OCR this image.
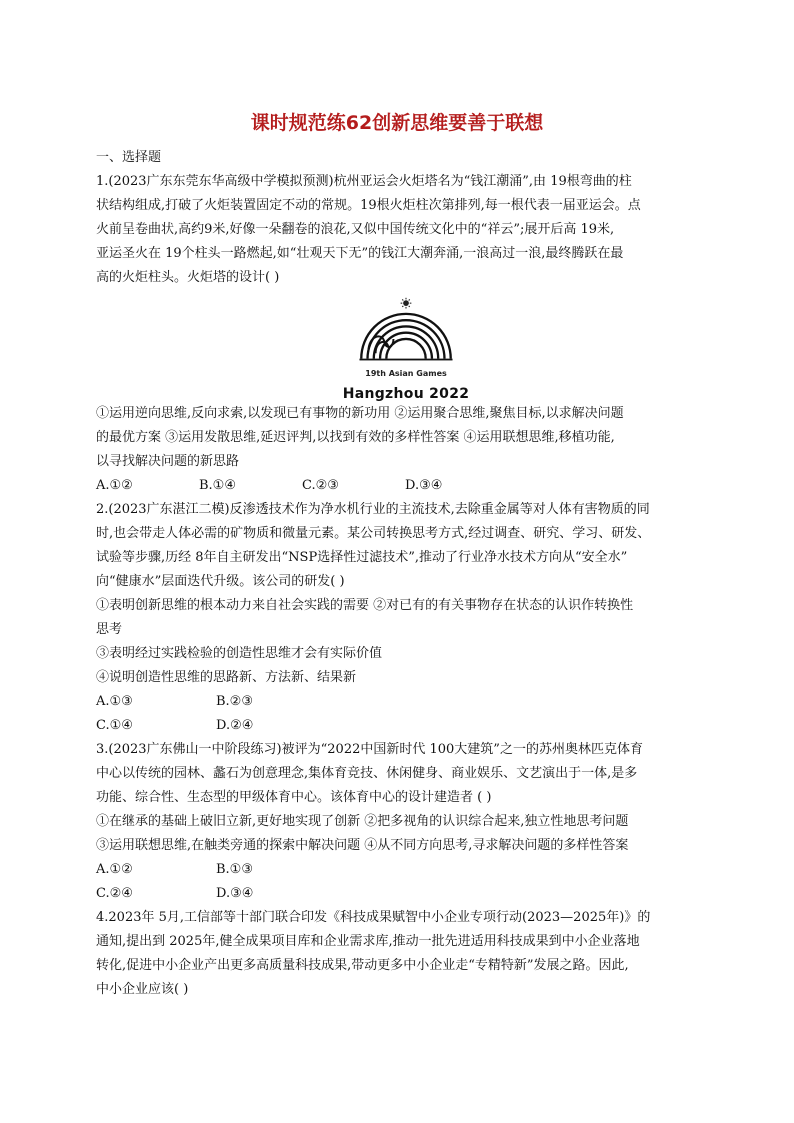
课时规范练62创新思维要善于联想
一、选择题
1.(2023广东东莞东华高级中学模拟预测)杭州亚运会火炬塔名为“钱江潮涌”,由 19根弯曲的柱
状结构组成,打破了火炬装置固定不动的常规。19根火炬柱次第排列,每一根代表一届亚运会。点
火前呈卷曲状,高约9米,好像一朵翻卷的浪花,又似中国传统文化中的“祥云”;展开后高 19米,
亚运圣火在 19个柱头一路燃起,如“壮观天下无”的钱江大潮奔涌,一浪高过一浪,最终腾跃在最
高的火炬柱头。火炬塔的设计( )
19th Asian Games
Hangzhou 2022
①运用逆向思维,反向求索,以发现已有事物的新功用 ②运用聚合思维,聚焦目标,以求解决问题
的最优方案 ③运用发散思维,延迟评判,以找到有效的多样性答案 ④运用联想思维,移植功能,
以寻找解决问题的新思路
A.①②	B.①④	C.②③	D.③④
2.(2023广东湛江二模)反渗透技术作为净水机行业的主流技术,去除重金属等对人体有害物质的同
时,也会带走人体必需的矿物质和微量元素。某公司转换思考方式,经过调查、研究、学习、研发、
试验等步骤,历经 8年自主研发出“NSP选择性过滤技术”,推动了行业净水技术方向从“安全水”
向“健康水”层面迭代升级。该公司的研发( )
①表明创新思维的根本动力来自社会实践的需要 ②对已有的有关事物存在状态的认识作转换性
思考
③表明经过实践检验的创造性思维才会有实际价值
④说明创造性思维的思路新、方法新、结果新
A.①③	B.②③
C.①④	D.②④
3.(2023广东佛山一中阶段练习)被评为“2022中国新时代 100大建筑”之一的苏州奥林匹克体育
中心以传统的园林、蠡石为创意理念,集体育竞技、休闲健身、商业娱乐、文艺演出于一体,是多
功能、综合性、生态型的甲级体育中心。该体育中心的设计建造者 ( )
①在继承的基础上破旧立新,更好地实现了创新 ②把多视角的认识综合起来,独立性地思考问题
③运用联想思维,在触类旁通的探索中解决问题 ④从不同方向思考,寻求解决问题的多样性答案
A.①②	B.①③
C.②④	D.③④
4.2023年 5月,工信部等十部门联合印发《科技成果赋智中小企业专项行动(2023—2025年)》的
通知,提出到 2025年,健全成果项目库和企业需求库,推动一批先进适用科技成果到中小企业落地
转化,促进中小企业产出更多高质量科技成果,带动更多中小企业走“专精特新”发展之路。因此,
中小企业应该( )
